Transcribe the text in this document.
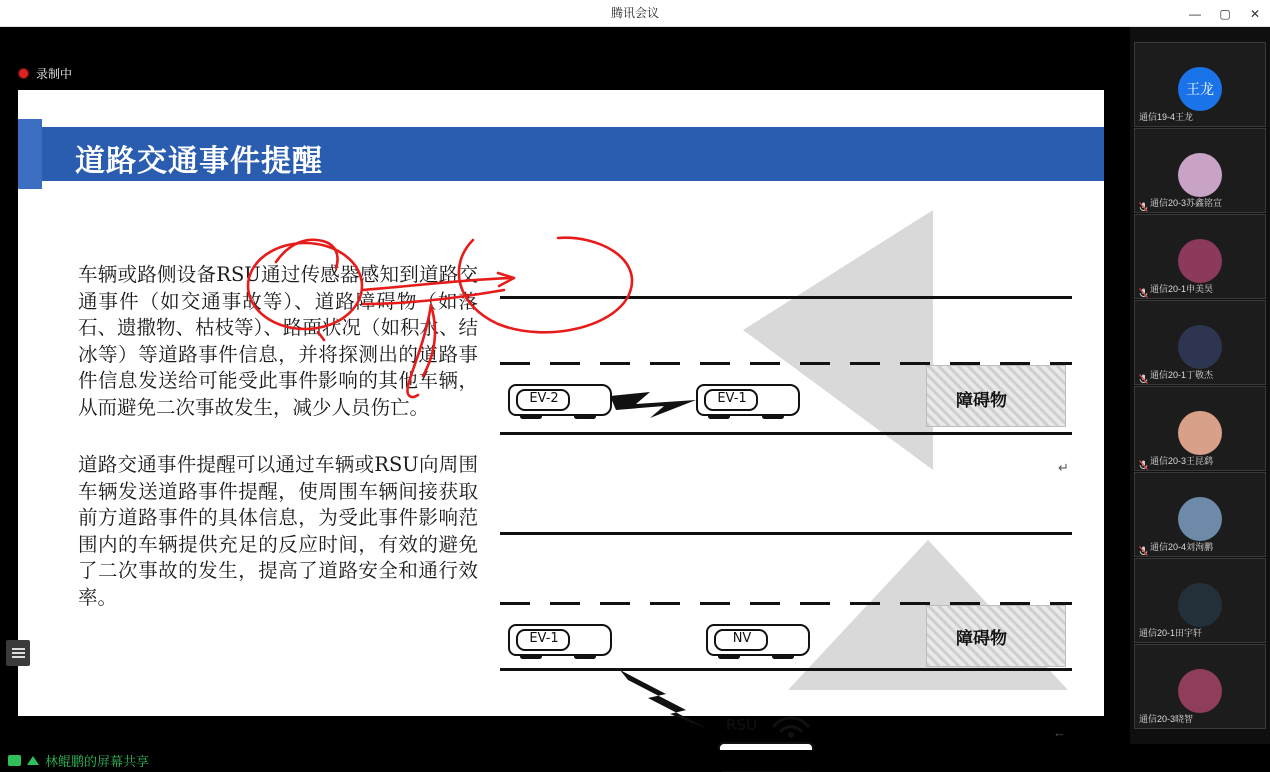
腾讯会议	—	▢	✕
录制中
道路交通事件提醒
车辆或路侧设备RSU通过传感器感知到道路交通事件（如交通事故等）、道路障碍物（如落石、遗撒物、枯枝等）、路面状况（如积水、结冰等）等道路事件信息，并将探测出的道路事件信息发送给可能受此事件影响的其他车辆，从而避免二次事故发生，减少人员伤亡。
道路交通事件提醒可以通过车辆或RSU向周围车辆发送道路事件提醒，使周围车辆间接获取前方道路事件的具体信息，为受此事件影响范围内的车辆提供充足的反应时间，有效的避免了二次事故的发生，提高了道路安全和通行效率。
障碍物
EV-2	EV-1
↵
障碍物
EV-1	NV
RSU	←
林鲲鹏的屏幕共享
王龙
通信19-4王龙
通信20-3苏鑫铭宣
通信20-1申美昊
通信20-1丁敬杰
通信20-3王昆鹞
通信20-4刘洵鹏
通信20-1田宇轩
通信20-3晓智
